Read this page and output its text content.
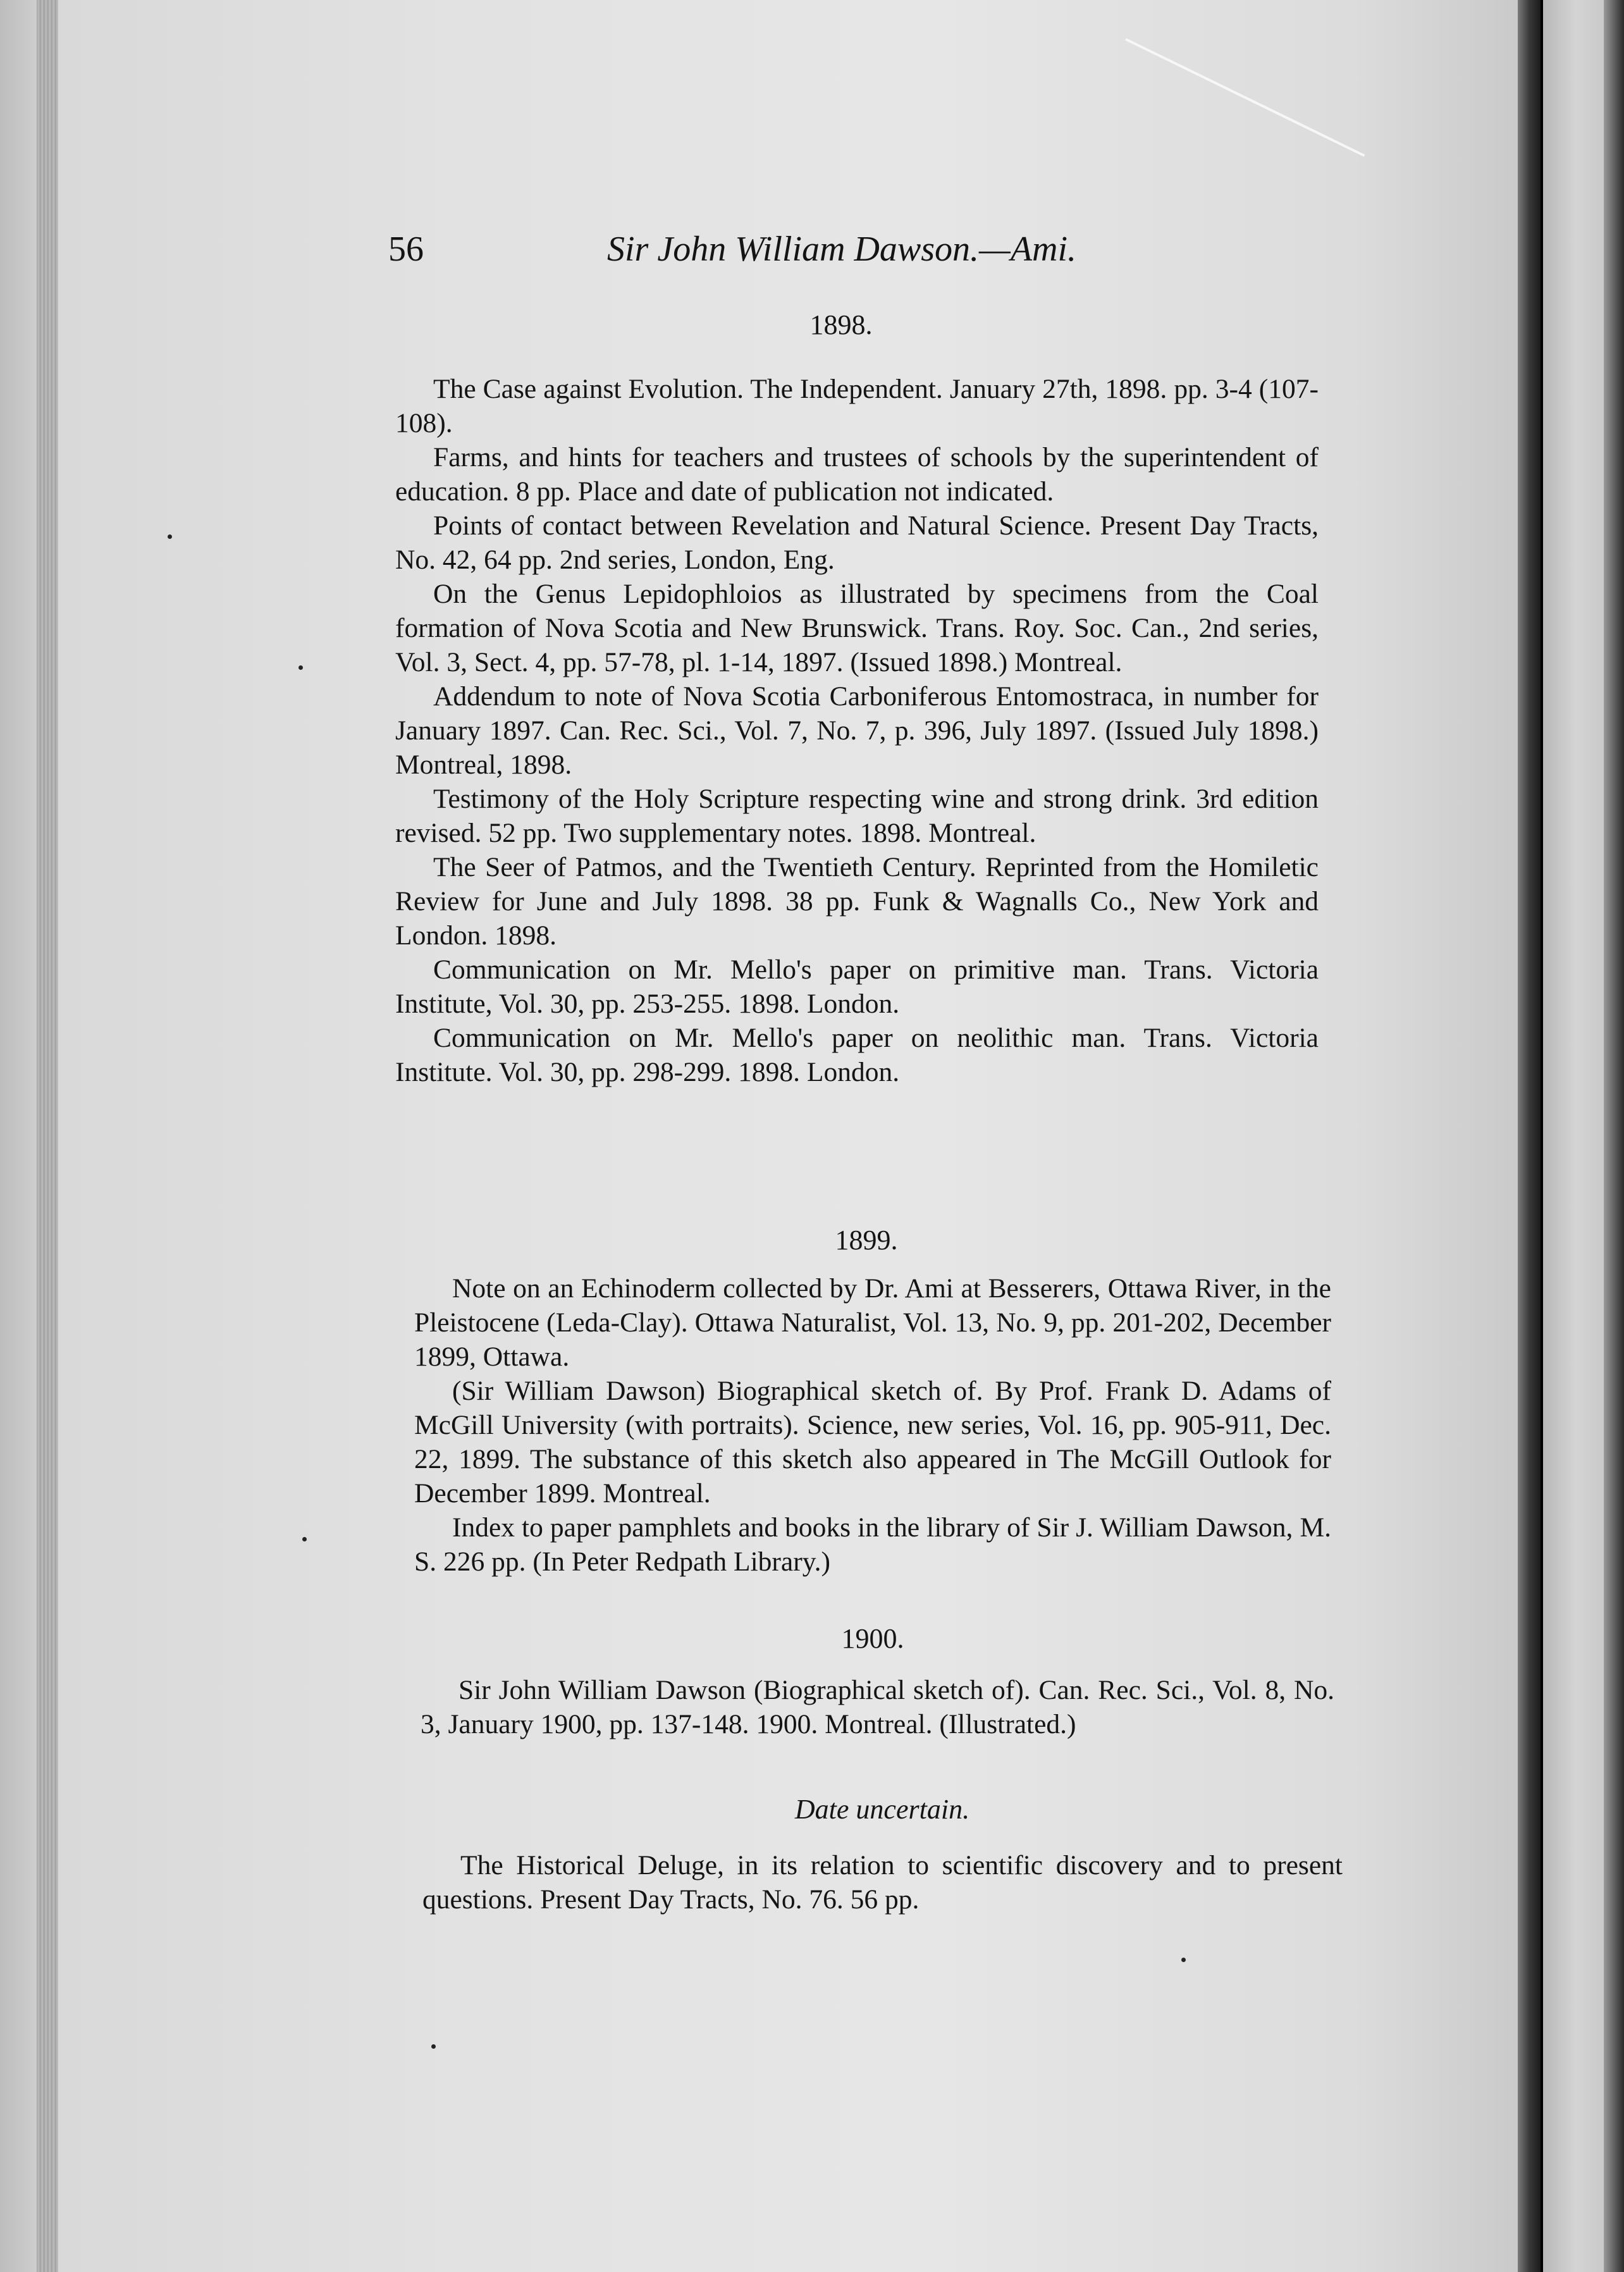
56	Sir John William Dawson.—Ami.
1898.

The Case against Evolution. The Independent. January 27th, 1898. pp. 3-4 (107-108).

Farms, and hints for teachers and trustees of schools by the superintendent of education. 8 pp. Place and date of publication not indicated.

Points of contact between Revelation and Natural Science. Present Day Tracts, No. 42, 64 pp. 2nd series, London, Eng.

On the Genus Lepidophloios as illustrated by specimens from the Coal formation of Nova Scotia and New Brunswick. Trans. Roy. Soc. Can., 2nd series, Vol. 3, Sect. 4, pp. 57-78, pl. 1-14, 1897. (Issued 1898.) Montreal.

Addendum to note of Nova Scotia Carboniferous Entomostraca, in number for January 1897. Can. Rec. Sci., Vol. 7, No. 7, p. 396, July 1897. (Issued July 1898.) Montreal, 1898.

Testimony of the Holy Scripture respecting wine and strong drink. 3rd edition revised. 52 pp. Two supplementary notes. 1898. Montreal.

The Seer of Patmos, and the Twentieth Century. Reprinted from the Homiletic Review for June and July 1898. 38 pp. Funk & Wagnalls Co., New York and London. 1898.

Communication on Mr. Mello's paper on primitive man. Trans. Victoria Institute, Vol. 30, pp. 253-255. 1898. London.

Communication on Mr. Mello's paper on neolithic man. Trans. Victoria Institute. Vol. 30, pp. 298-299. 1898. London.

1899.

Note on an Echinoderm collected by Dr. Ami at Besserers, Ottawa River, in the Pleistocene (Leda-Clay). Ottawa Naturalist, Vol. 13, No. 9, pp. 201-202, December 1899, Ottawa.

(Sir William Dawson) Biographical sketch of. By Prof. Frank D. Adams of McGill University (with portraits). Science, new series, Vol. 16, pp. 905-911, Dec. 22, 1899. The substance of this sketch also appeared in The McGill Outlook for December 1899. Montreal.

Index to paper pamphlets and books in the library of Sir J. William Dawson, M. S. 226 pp. (In Peter Redpath Library.)

1900.

Sir John William Dawson (Biographical sketch of). Can. Rec. Sci., Vol. 8, No. 3, January 1900, pp. 137-148. 1900. Montreal. (Illustrated.)

Date uncertain.

The Historical Deluge, in its relation to scientific discovery and to present questions. Present Day Tracts, No. 76. 56 pp.
